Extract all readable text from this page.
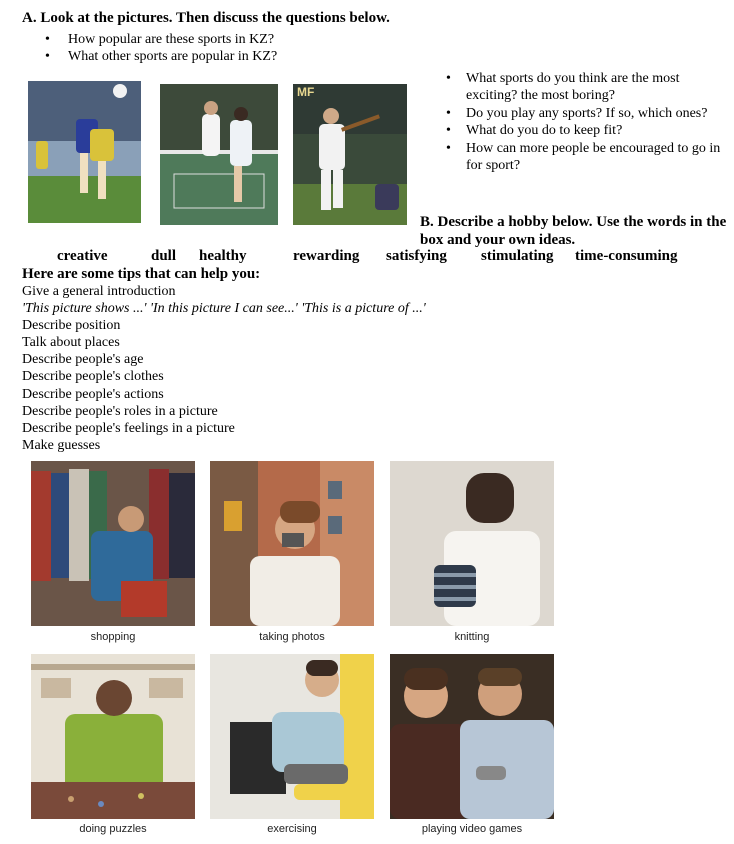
A. Look at the pictures. Then discuss the questions below.
• How popular are these sports in KZ?
• What other sports are popular in KZ?
MF
• What sports do you think are the most exciting? the most boring?
• Do you play any sports? If so, which ones?
• What do you do to keep fit?
• How can more people be encouraged to go in for sport?
B. Describe a hobby below. Use the words in the box and your own ideas.
creative	dull healthy	rewarding satisfying stimulating time-consuming
Here are some tips that can help you:
Give a general introduction
'This picture shows ...' 'In this picture I can see...' 'This is a picture of ...'
Describe position
Talk about places
Describe people's age
Describe people's clothes
Describe people's actions
Describe people's roles in a picture
Describe people's feelings in a picture
Make guesses
shopping	taking photos	knitting
doing puzzles	exercising	playing video games
